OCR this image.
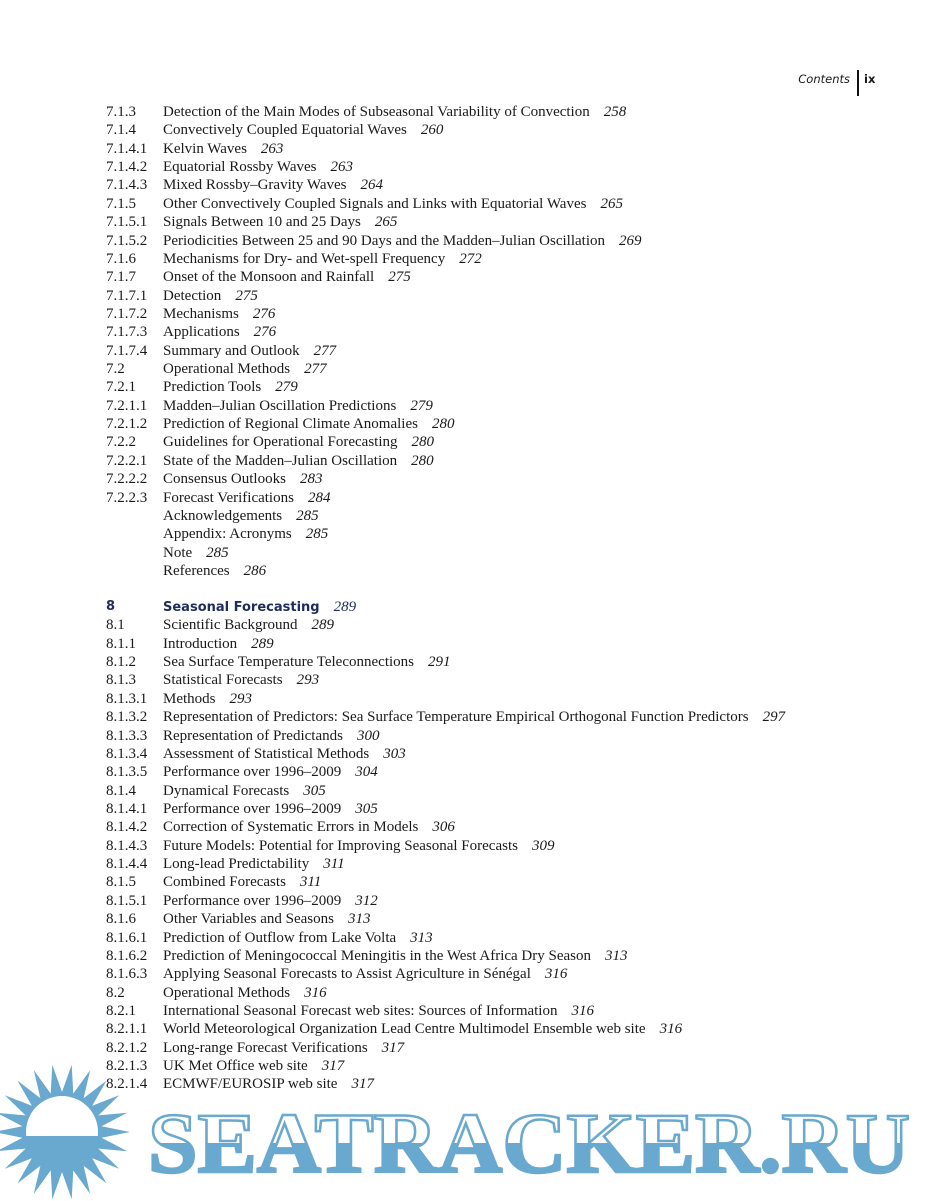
Contents ix
7.1.3 Detection of the Main Modes of Subseasonal Variability of Convection 258
7.1.4 Convectively Coupled Equatorial Waves 260
7.1.4.1 Kelvin Waves 263
7.1.4.2 Equatorial Rossby Waves 263
7.1.4.3 Mixed Rossby–Gravity Waves 264
7.1.5 Other Convectively Coupled Signals and Links with Equatorial Waves 265
7.1.5.1 Signals Between 10 and 25 Days 265
7.1.5.2 Periodicities Between 25 and 90 Days and the Madden–Julian Oscillation 269
7.1.6 Mechanisms for Dry- and Wet-spell Frequency 272
7.1.7 Onset of the Monsoon and Rainfall 275
7.1.7.1 Detection 275
7.1.7.2 Mechanisms 276
7.1.7.3 Applications 276
7.1.7.4 Summary and Outlook 277
7.2	Operational Methods 277
7.2.1 Prediction Tools 279
7.2.1.1 Madden–Julian Oscillation Predictions 279
7.2.1.2 Prediction of Regional Climate Anomalies 280
7.2.2 Guidelines for Operational Forecasting 280
7.2.2.1 State of the Madden–Julian Oscillation 280
7.2.2.2 Consensus Outlooks 283
7.2.2.3 Forecast Verifications 284
Acknowledgements 285
Appendix: Acronyms 285
Note 285
References 286
8	Seasonal Forecasting 289
8.1	Scientific Background 289
8.1.1 Introduction 289
8.1.2 Sea Surface Temperature Teleconnections 291
8.1.3 Statistical Forecasts 293
8.1.3.1 Methods 293
8.1.3.2 Representation of Predictors: Sea Surface Temperature Empirical Orthogonal Function Predictors 297
8.1.3.3 Representation of Predictands 300
8.1.3.4 Assessment of Statistical Methods 303
8.1.3.5 Performance over 1996–2009 304
8.1.4 Dynamical Forecasts 305
8.1.4.1 Performance over 1996–2009 305
8.1.4.2 Correction of Systematic Errors in Models 306
8.1.4.3 Future Models: Potential for Improving Seasonal Forecasts 309
8.1.4.4 Long-lead Predictability 311
8.1.5 Combined Forecasts 311
8.1.5.1 Performance over 1996–2009 312
8.1.6 Other Variables and Seasons 313
8.1.6.1 Prediction of Outflow from Lake Volta 313
8.1.6.2 Prediction of Meningococcal Meningitis in the West Africa Dry Season 313
8.1.6.3 Applying Seasonal Forecasts to Assist Agriculture in Sénégal 316
8.2	Operational Methods 316
8.2.1 International Seasonal Forecast web sites: Sources of Information 316
8.2.1.1 World Meteorological Organization Lead Centre Multimodel Ensemble web site 316
8.2.1.2 Long-range Forecast Verifications 317
8.2.1.3 UK Met Office web site 317
8.2.1.4 ECMWF/EUROSIP web site 317
SEATRACKER.RU
